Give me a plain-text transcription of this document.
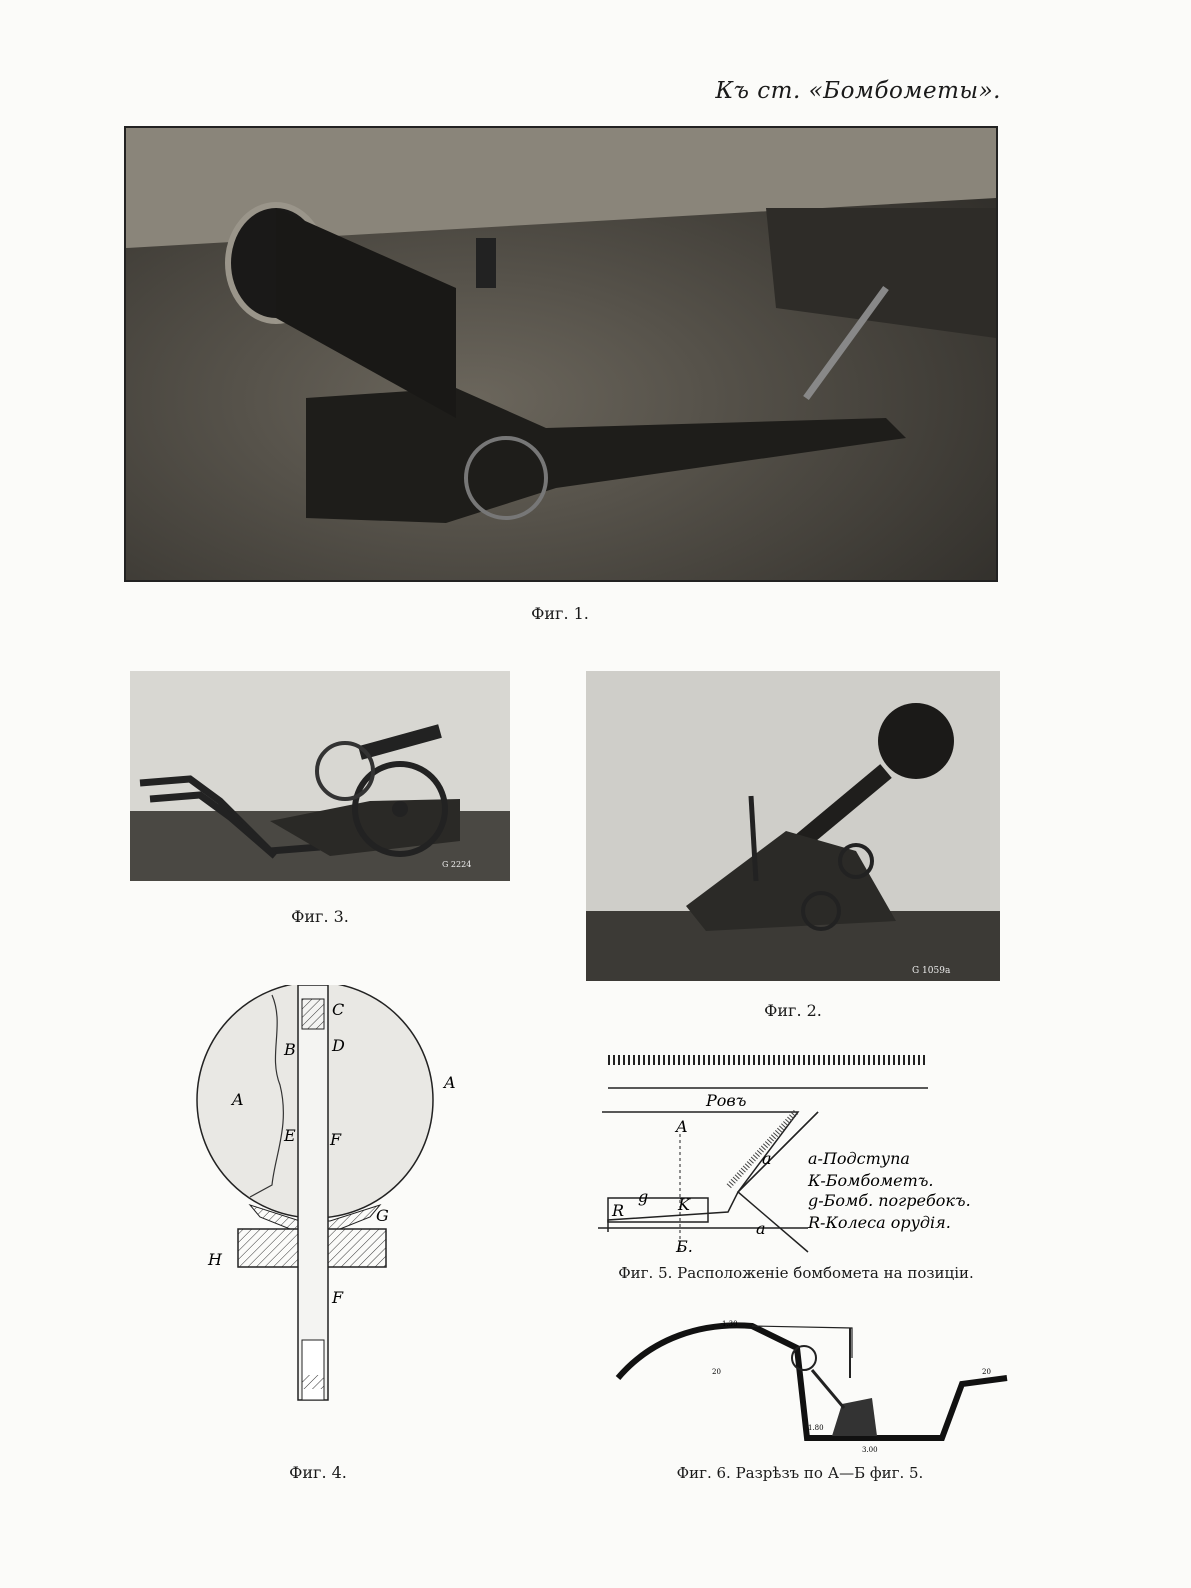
Къ ст. «Бомбометы».
Фиг. 1.
G 2224
Фиг. 3.
G 1059a
Фиг. 2.
C
B D
A
A
E F
G
H
F
Фиг. 4.
Ровъ
A
Б.
a
a
g K
R
а-Подступа
К-Бомбометъ.
g-Бомб. погребокъ.
R-Колеса орудія.
Фиг. 5. Расположеніе бомбомета на позиціи.
1.30
20	20
1.80
3.00
Фиг. 6. Разрѣзъ по А—Б фиг. 5.
